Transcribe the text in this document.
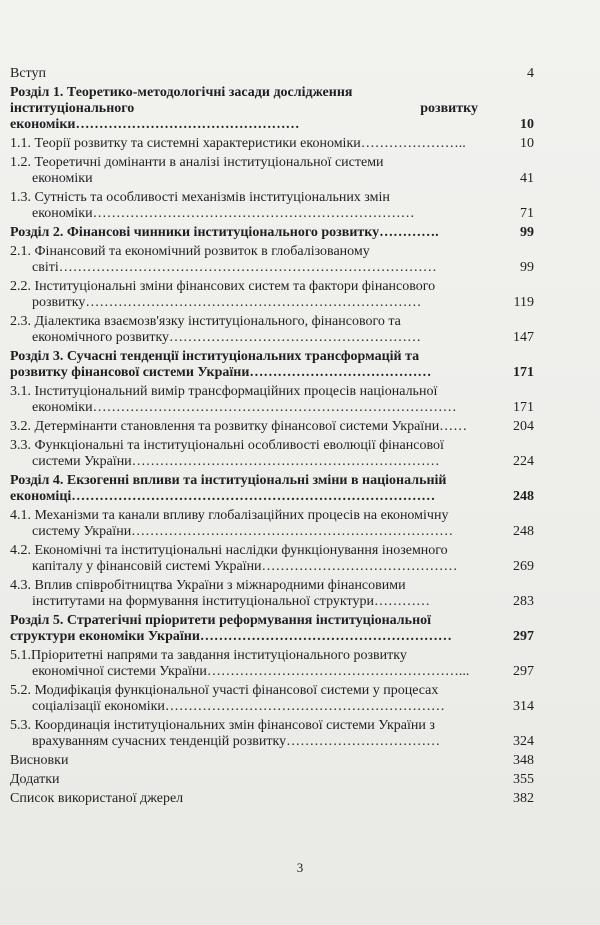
Вступ	4
Розділ 1. Теоретико-методологічні засади дослідження
інституціонального розвитку економіки…………………………………………	10
1.1. Теорії розвитку та системні характеристики економіки…………………..	10
1.2. Теоретичні домінанти в аналізі інституціональної системи
економіки	41
1.3. Сутність та особливості механізмів інституціональних змін
економіки……………………………………………………………	71
Розділ 2. Фінансові чинники інституціонального розвитку………….	99
2.1. Фінансовий та економічний розвиток в глобалізованому
світі………………………………………………………………………	99
2.2. Інституціональні зміни фінансових систем та фактори фінансового
розвитку………………………………………………………………	119
2.3. Діалектика взаємозв'язку інституціонального, фінансового та
економічного розвитку………………………………………………	147
Розділ 3. Сучасні тенденції інституціональних трансформацій та
розвитку фінансової системи України…………………………………	171
3.1. Інституціональний вимір трансформаційних процесів національної
економіки……………………………………………………………………	171
3.2. Детермінанти становлення та розвитку фінансової системи України……	204
3.3. Функціональні та інституціональні особливості еволюції фінансової
системи України…………………………………………………………	224
Розділ 4. Екзогенні впливи та інституціональні зміни в національній
економіці……………………………………………………………………	248
4.1. Механізми та канали впливу глобалізаційних процесів на економічну
систему України……………………………………………………………	248
4.2. Економічні та інституціональні наслідки функціонування іноземного
капіталу у фінансовій системі України……………………………………	269
4.3. Вплив співробітництва України з міжнародними фінансовими
інститутами на формування інституціональної структури…………	283
Розділ 5. Стратегічні пріоритети реформування інституціональної
структури економіки України………………………………………………	297
5.1.Пріоритетні напрями та завдання інституціонального розвитку
економічної системи України………………………………………………...	297
5.2. Модифікація функціональної участі фінансової системи у процесах
соціалізації економіки……………………………………………………	314
5.3. Координація інституціональних змін фінансової системи України з
врахуванням сучасних тенденцій розвитку……………………………	324
Висновки	348
Додатки	355
Список використаної джерел	382
3
